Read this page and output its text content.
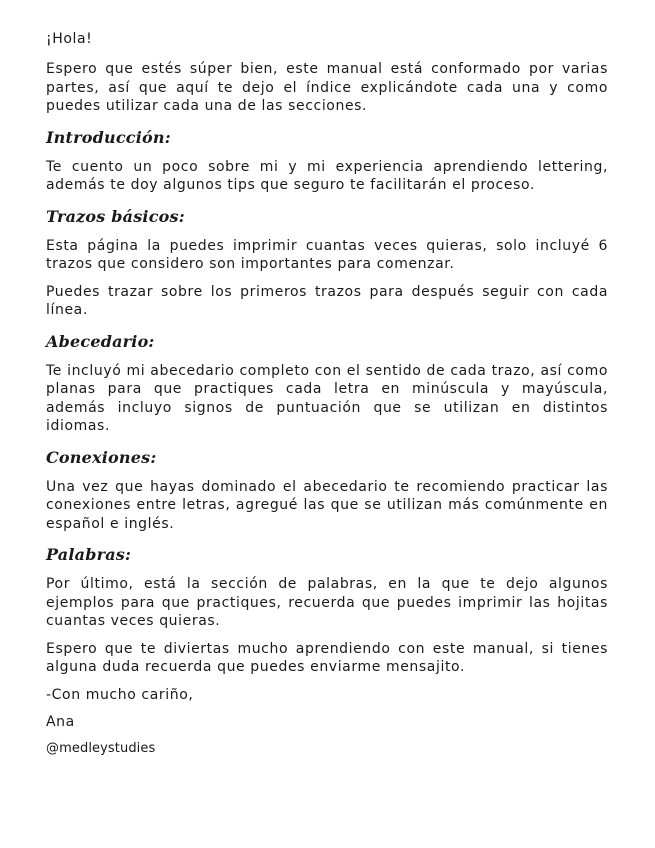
¡Hola!

Espero que estés súper bien, este manual está conformado por varias partes, así que aquí te dejo el índice explicándote cada una y como puedes utilizar cada una de las secciones.

Introducción:

Te cuento un poco sobre mi y mi experiencia aprendiendo lettering, además te doy algunos tips que seguro te facilitarán el proceso.

Trazos básicos:

Esta página la puedes imprimir cuantas veces quieras, solo incluyé 6 trazos que considero son importantes para comenzar.

Puedes trazar sobre los primeros trazos para después seguir con cada línea.

Abecedario:

Te incluyó mi abecedario completo con el sentido de cada trazo, así como planas para que practiques cada letra en minúscula y mayúscula, además incluyo signos de puntuación que se utilizan en distintos idiomas.

Conexiones:

Una vez que hayas dominado el abecedario te recomiendo practicar las conexiones entre letras, agregué las que se utilizan más comúnmente en español e inglés.

Palabras:

Por último, está la sección de palabras, en la que te dejo algunos ejemplos para que practiques, recuerda que puedes imprimir las hojitas cuantas veces quieras.

Espero que te diviertas mucho aprendiendo con este manual, si tienes alguna duda recuerda que puedes enviarme mensajito.

-Con mucho cariño,

Ana

@medleystudies
